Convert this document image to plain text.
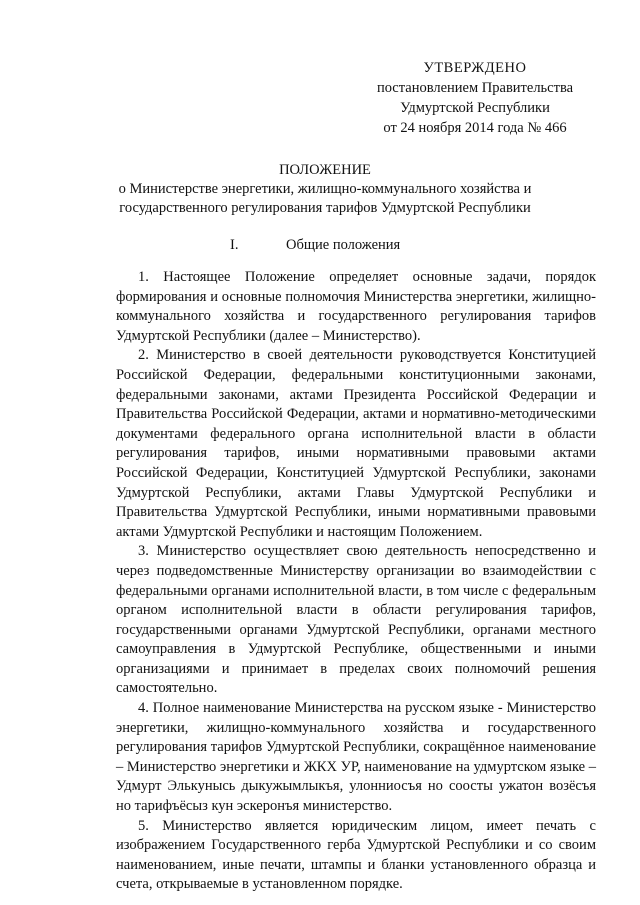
УТВЕРЖДЕНО
постановлением Правительства
Удмуртской Республики
от 24 ноября 2014 года № 466
ПОЛОЖЕНИЕ
о Министерстве энергетики, жилищно-коммунального хозяйства и
государственного регулирования тарифов Удмуртской Республики
I.	Общие положения

1. Настоящее Положение определяет основные задачи, порядок формирования и основные полномочия Министерства энергетики, жилищно-коммунального хозяйства и государственного регулирования тарифов Удмуртской Республики (далее – Министерство).

2. Министерство в своей деятельности руководствуется Конституцией Российской Федерации, федеральными конституционными законами, федеральными законами, актами Президента Российской Федерации и Правительства Российской Федерации, актами и нормативно-методическими документами федерального органа исполнительной власти в области регулирования тарифов, иными нормативными правовыми актами Российской Федерации, Конституцией Удмуртской Республики, законами Удмуртской Республики, актами Главы Удмуртской Республики и Правительства Удмуртской Республики, иными нормативными правовыми актами Удмуртской Республики и настоящим Положением.

3. Министерство осуществляет свою деятельность непосредственно и через подведомственные Министерству организации во взаимодействии с федеральными органами исполнительной власти, в том числе с федеральным органом исполнительной власти в области регулирования тарифов, государственными органами Удмуртской Республики, органами местного самоуправления в Удмуртской Республике, общественными и иными организациями и принимает в пределах своих полномочий решения самостоятельно.

4. Полное наименование Министерства на русском языке - Министерство энергетики, жилищно-коммунального хозяйства и государственного регулирования тарифов Удмуртской Республики, сокращённое наименование – Министерство энергетики и ЖКХ УР, наименование на удмуртском языке – Удмурт Элькунысь дыкужымлыкъя, улонниосъя но соосты ужатон возёсъя но тарифъёсыз кун эскеронъя министерство.

5. Министерство является юридическим лицом, имеет печать с изображением Государственного герба Удмуртской Республики и со своим наименованием, иные печати, штампы и бланки установленного образца и счета, открываемые в установленном порядке.
